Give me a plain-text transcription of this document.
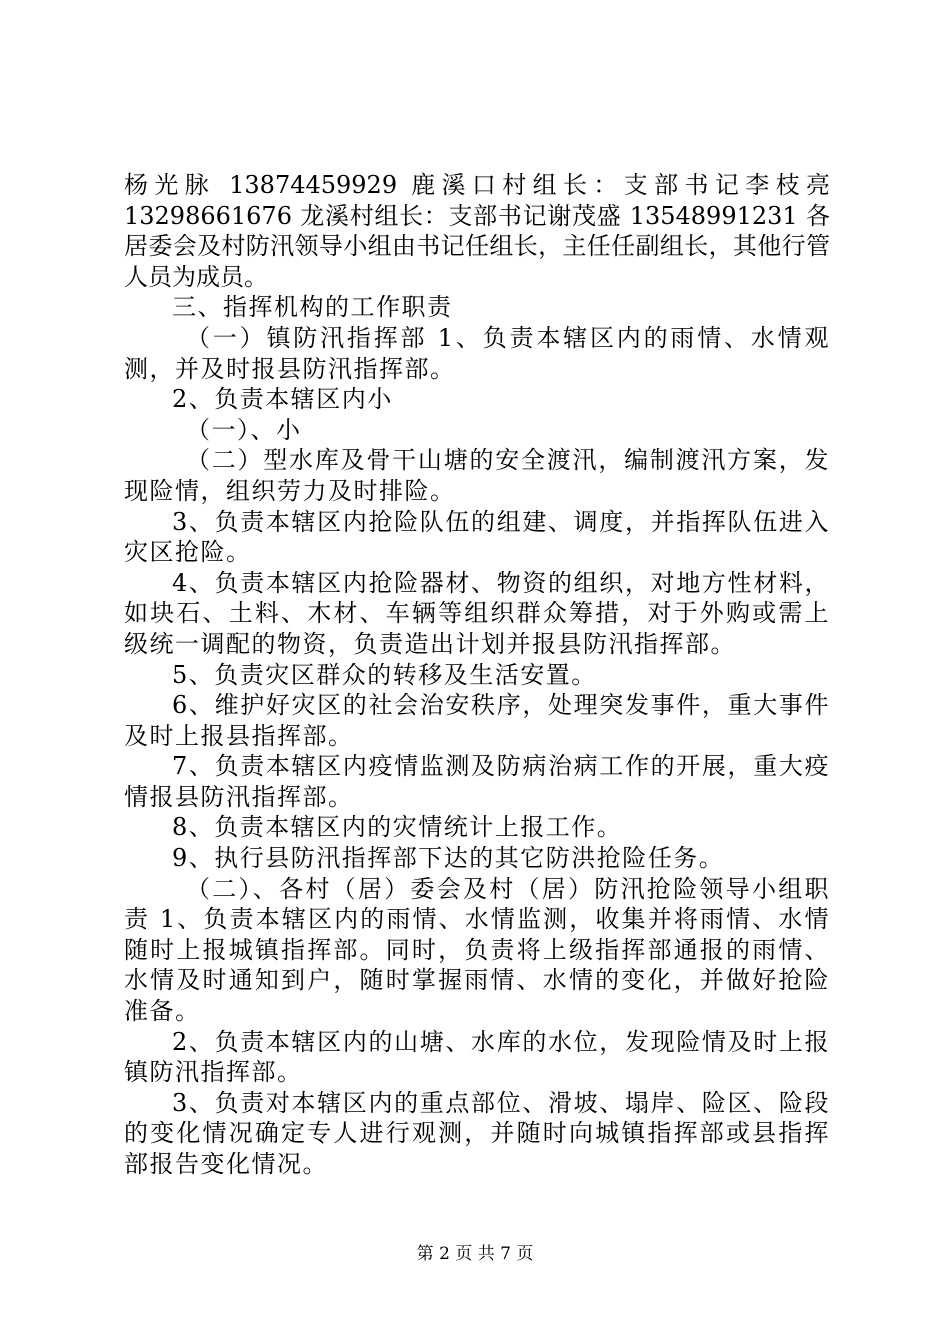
杨光脉 13874459929 鹿溪口村组长：支部书记李枝亮 13298661676 龙溪村组长：支部书记谢茂盛 13548991231 各居委会及村防汛领导小组由书记任组长，主任任副组长，其他行管人员为成员。

三、指挥机构的工作职责

（一）镇防汛指挥部 1、负责本辖区内的雨情、水情观测，并及时报县防汛指挥部。

2、负责本辖区内小

（一）、小

（二）型水库及骨干山塘的安全渡汛，编制渡汛方案，发现险情，组织劳力及时排险。

3、负责本辖区内抢险队伍的组建、调度，并指挥队伍进入灾区抢险。

4、负责本辖区内抢险器材、物资的组织，对地方性材料，如块石、土料、木材、车辆等组织群众筹措，对于外购或需上级统一调配的物资，负责造出计划并报县防汛指挥部。

5、负责灾区群众的转移及生活安置。

6、维护好灾区的社会治安秩序，处理突发事件，重大事件及时上报县指挥部。

7、负责本辖区内疫情监测及防病治病工作的开展，重大疫情报县防汛指挥部。

8、负责本辖区内的灾情统计上报工作。

9、执行县防汛指挥部下达的其它防洪抢险任务。

（二）、各村（居）委会及村（居）防汛抢险领导小组职责 1、负责本辖区内的雨情、水情监测，收集并将雨情、水情随时上报城镇指挥部。同时，负责将上级指挥部通报的雨情、水情及时通知到户，随时掌握雨情、水情的变化，并做好抢险准备。

2、负责本辖区内的山塘、水库的水位，发现险情及时上报镇防汛指挥部。

3、负责对本辖区内的重点部位、滑坡、塌岸、险区、险段的变化情况确定专人进行观测，并随时向城镇指挥部或县指挥部报告变化情况。

第 2 页 共 7 页
